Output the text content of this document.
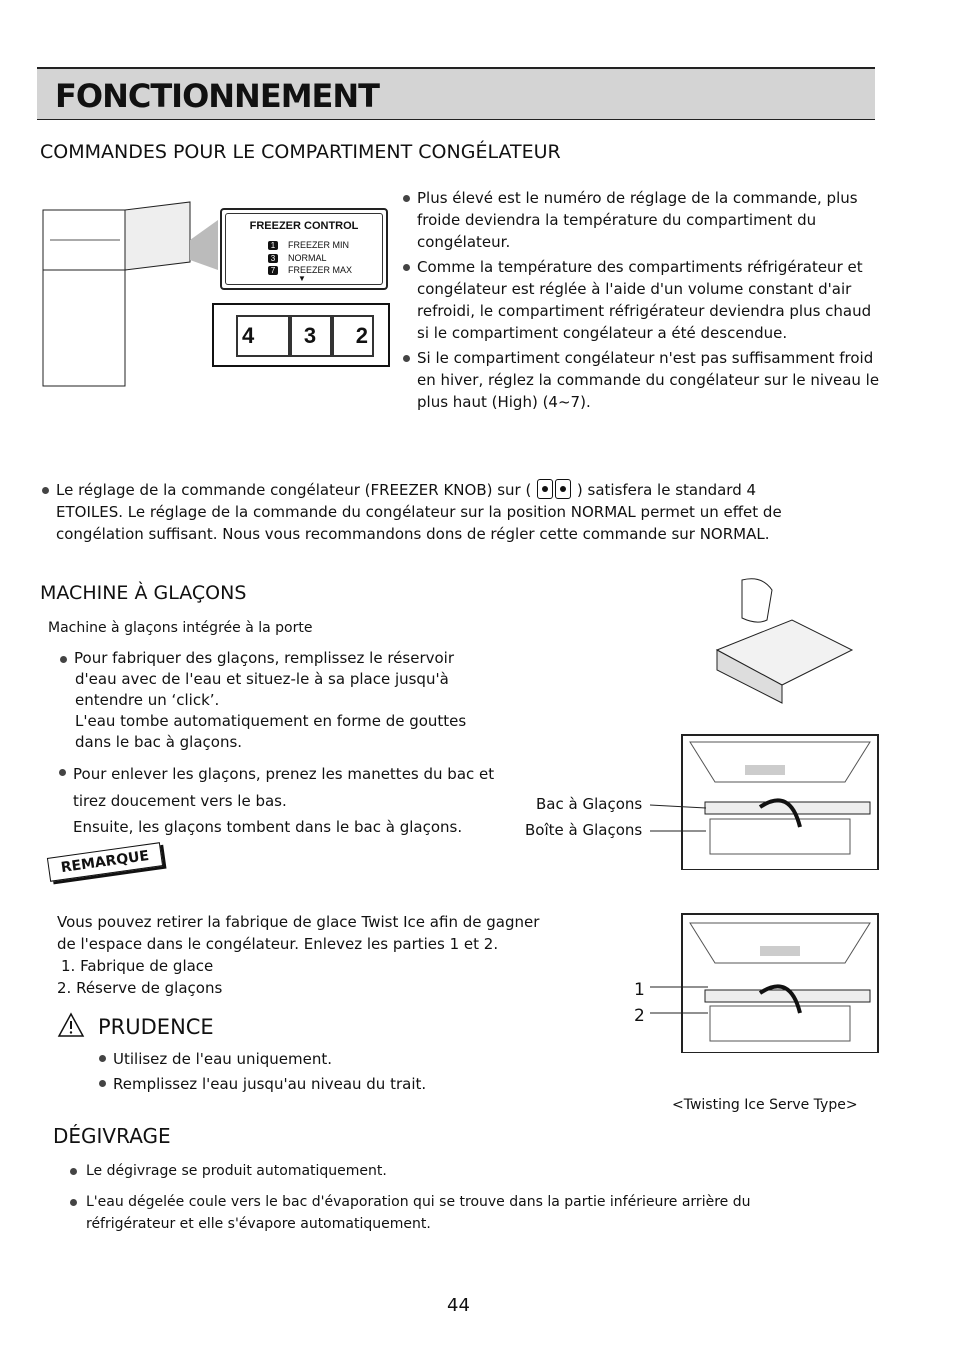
FONCTIONNEMENT
COMMANDES POUR LE COMPARTIMENT CONGÉLATEUR
FREEZER CONTROL
1 FREEZER MIN
3 NORMAL
7 FREEZER MAX
▼
4	3	2
Plus élevé est le numéro de réglage de la commande, plus froide deviendra la température du compartiment du congélateur.
Comme la température des compartiments réfrigérateur et congélateur est réglée à l'aide d'un volume constant d'air refroidi, le compartiment réfrigérateur deviendra plus chaud si le compartiment congélateur a été descendue.
Si le compartiment congélateur n'est pas suffisamment froid en hiver, réglez la commande du congélateur sur le niveau le plus haut (High) (4~7).
Le réglage de la commande congélateur (FREEZER KNOB) sur (	) satisfera le standard 4 ETOILES. Le réglage de la commande du congélateur sur la position NORMAL permet un effet de congélation suffisant. Nous vous recommandons dons de régler cette commande sur NORMAL.
MACHINE À GLAÇONS
Machine à glaçons intégrée à la porte
Pour fabriquer des glaçons, remplissez le réservoir
d'eau avec de l'eau et situez-le à sa place jusqu'à
entendre un ‘click’.
L'eau tombe automatiquement en forme de gouttes
dans le bac à glaçons.
Pour enlever les glaçons, prenez les manettes du bac et
tirez doucement vers le bas.
Ensuite, les glaçons tombent dans le bac à glaçons.
Bac à Glaçons
Boîte à Glaçons
REMARQUE
Vous pouvez retirer la fabrique de glace Twist Ice afin de gagner
de l'espace dans le congélateur. Enlevez les parties 1 et 2.
1. Fabrique de glace
2. Réserve de glaçons	1
2
<Twisting Ice Serve Type>
PRUDENCE
Utilisez de l'eau uniquement.
Remplissez l'eau jusqu'au niveau du trait.
DÉGIVRAGE
Le dégivrage se produit automatiquement.
L'eau dégelée coule vers le bac d'évaporation qui se trouve dans la partie inférieure arrière du réfrigérateur et elle s'évapore automatiquement.
44
